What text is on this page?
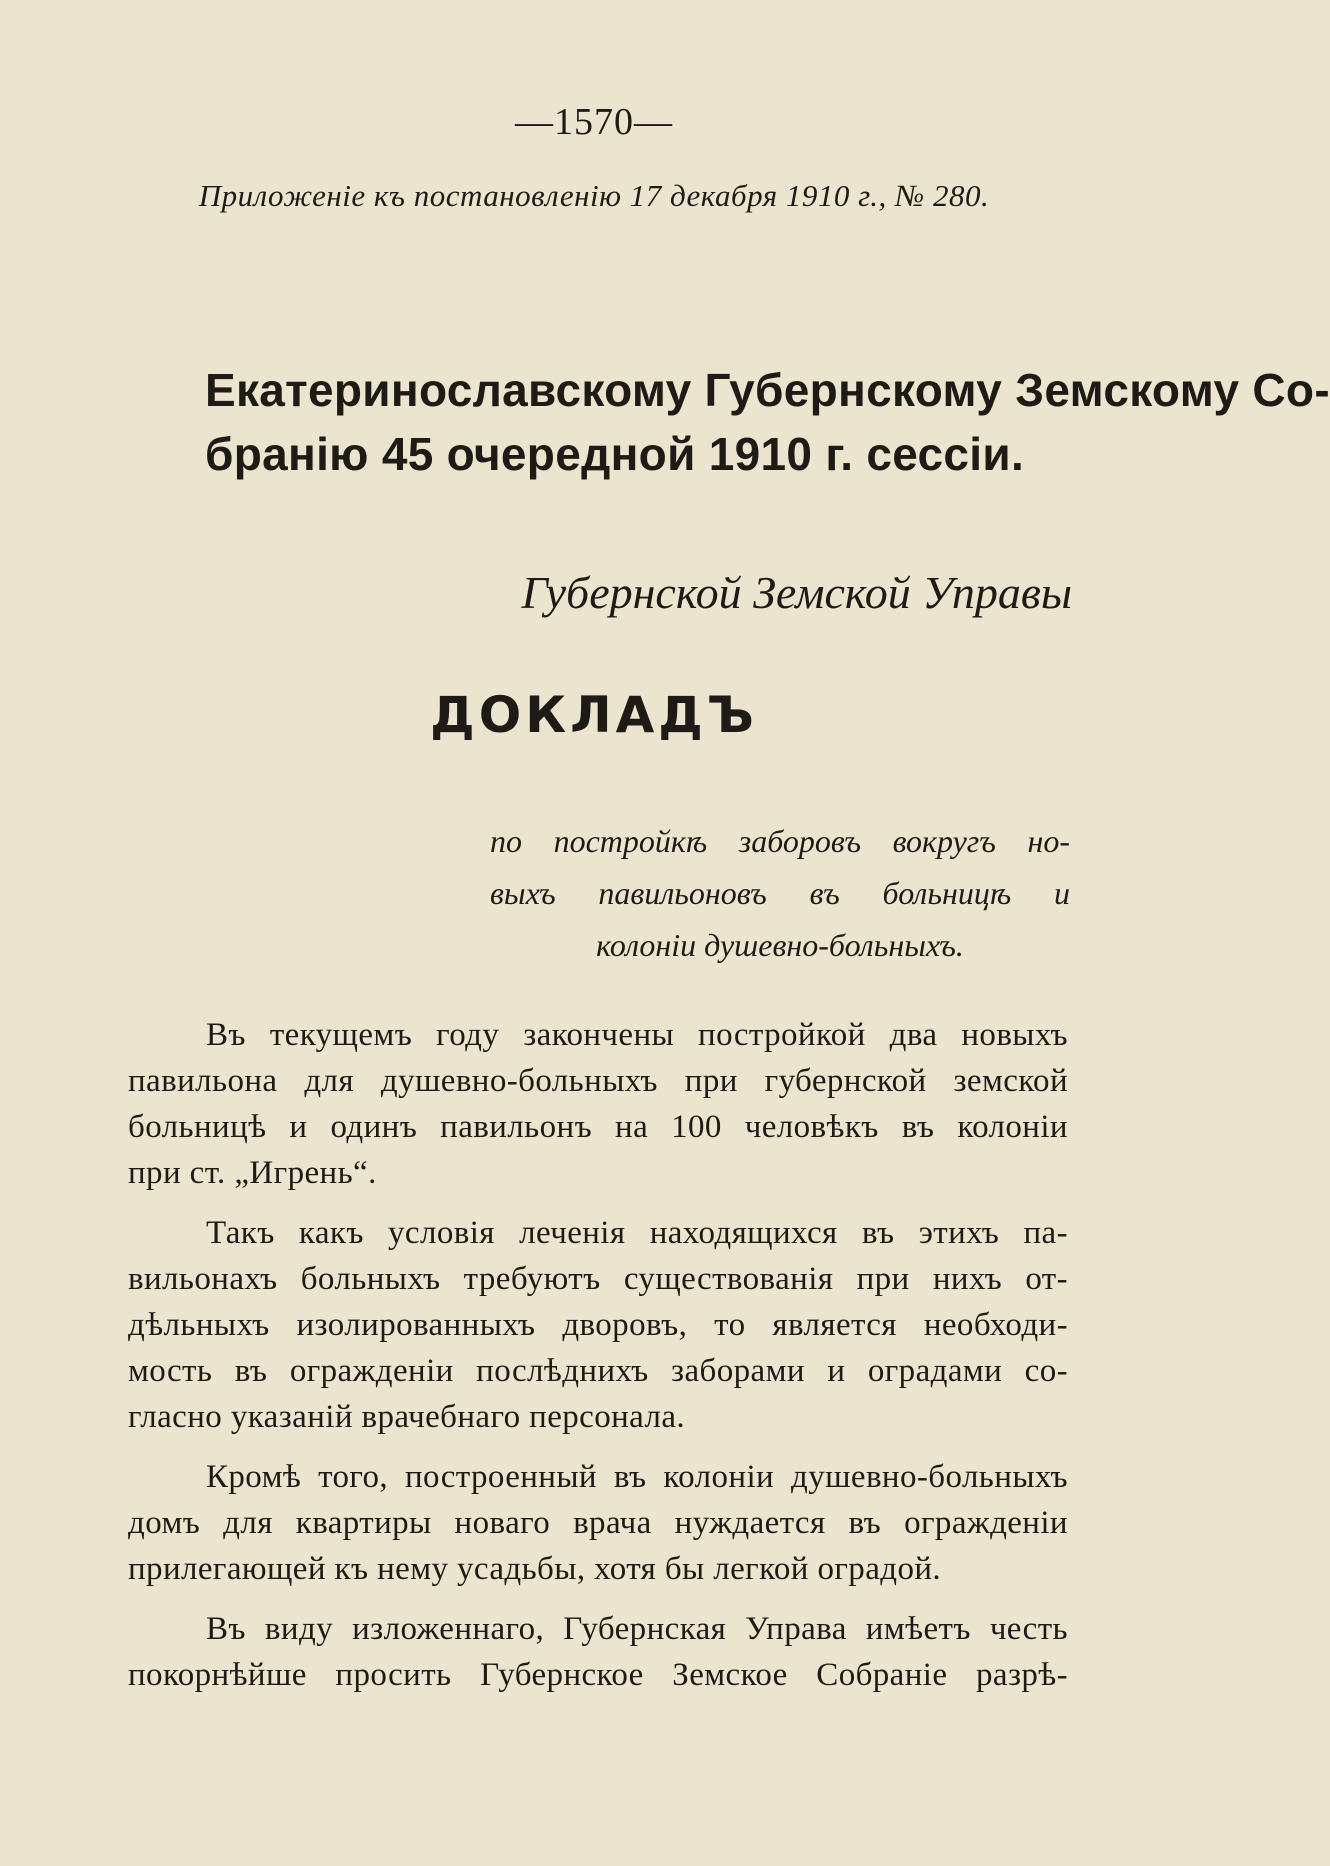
—1570—
Приложенiе къ постановленiю 17 декабря 1910 г., № 280.
Екатеринославскому Губернскому Земскому Со-
бранiю 45 очередной 1910 г. сессiи.
Губернской Земской Управы
ДОКЛАДЪ
по постройкѣ заборовъ вокругъ но-
выхъ павильоновъ въ больницѣ и
колонiи душевно-больныхъ.
Въ текущемъ году закончены постройкой два новыхъ
павильона для душевно-больныхъ при губернской земской
больницѣ и одинъ павильонъ на 100 человѣкъ въ колонiи
при ст. „Игрень“.
Такъ какъ условiя леченiя находящихся въ этихъ па-
вильонахъ больныхъ требуютъ существованiя при нихъ от-
дѣльныхъ изолированныхъ дворовъ, то является необходи-
мость въ огражденiи послѣднихъ заборами и оградами со-
гласно указанiй врачебнаго персонала.
Кромѣ того, построенный въ колонiи душевно-больныхъ
домъ для квартиры новаго врача нуждается въ огражденiи
прилегающей къ нему усадьбы, хотя бы легкой оградой.
Въ виду изложеннаго, Губернская Управа имѣетъ честь
покорнѣйше просить Губернское Земское Собранiе разрѣ-
